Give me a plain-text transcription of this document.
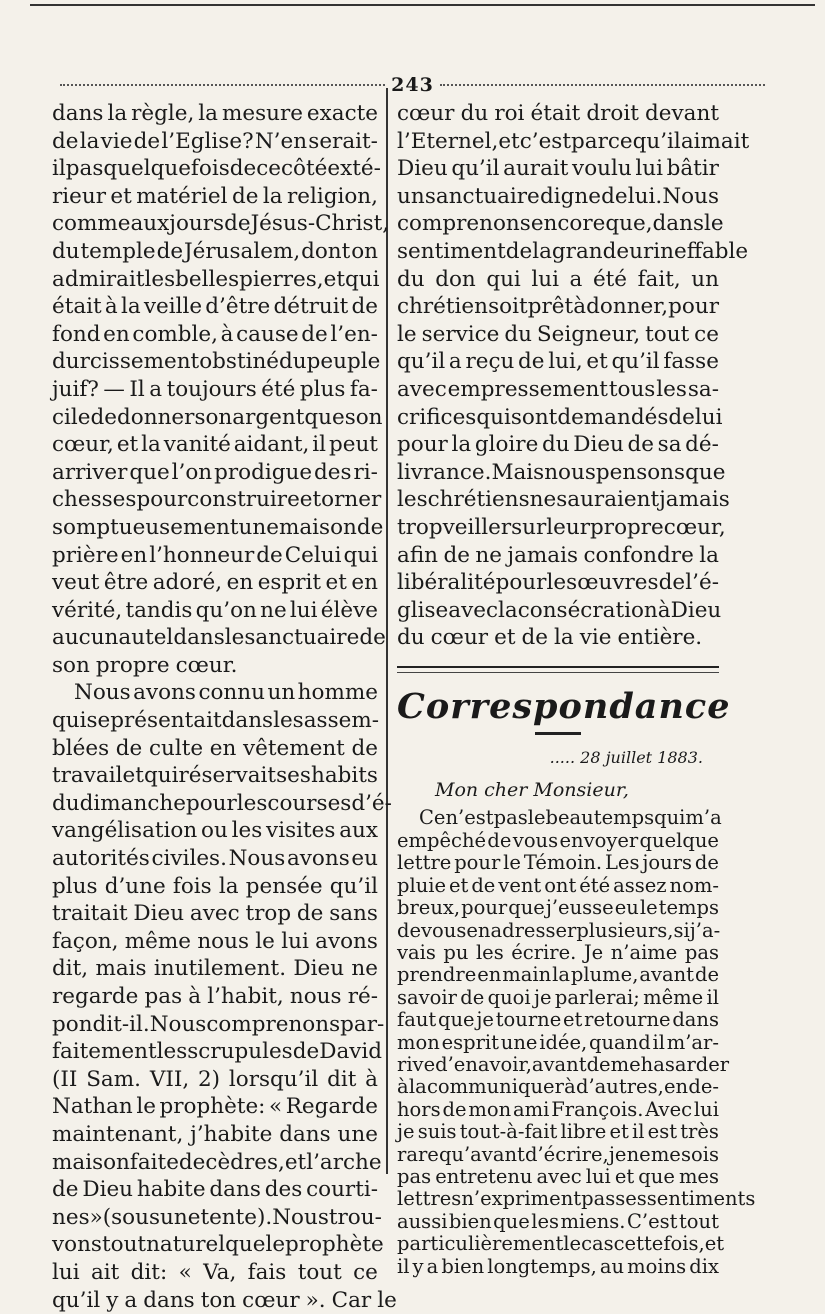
243
dans la règle, la mesure exacte
de la vie de l’Eglise? N’en serait-
il pas quelquefois de ce côté exté-
rieur et matériel de la religion,
comme aux jours de Jésus-Christ,
du temple de Jérusalem, dont on
admirait les belles pierres, et qui
était à la veille d’être détruit de
fond en comble, à cause de l’en-
durcissement obstiné du peuple
juif? — Il a toujours été plus fa-
cile de donner son argent que son
cœur, et la vanité aidant, il peut
arriver que l’on prodigue des ri-
chesses pour construire et orner
somptueusement une maison de
prière en l’honneur de Celui qui
veut être adoré, en esprit et en
vérité, tandis qu’on ne lui élève
aucun autel dans le sanctuaire de
son propre cœur.
Nous avons connu un homme
qui se présentait dans les assem-
blées de culte en vêtement de
travail et qui réservait ses habits
du dimanche pour les courses d’é-
vangélisation ou les visites aux
autorités civiles. Nous avons eu
plus d’une fois la pensée qu’il
traitait Dieu avec trop de sans
façon, même nous le lui avons
dit, mais inutilement. Dieu ne
regarde pas à l’habit, nous ré-
pondit-il. Nous comprenons par-
faitement les scrupules de David
(II Sam. VII, 2) lorsqu’il dit à
Nathan le prophète: « Regarde
maintenant, j’habite dans une
maison faite de cèdres, et l’arche
de Dieu habite dans des courti-
nes » (sous une tente). Nous trou-
vons tout naturel que le prophète
lui ait dit: « Va, fais tout ce
qu’il y a dans ton cœur ». Car le
cœur du roi était droit devant
l’Eternel, et c’est parcequ’il aimait
Dieu qu’il aurait voulu lui bâtir
un sanctuaire digne de lui. Nous
comprenons encore que, dans le
sentiment de la grandeur ineffable
du don qui lui a été fait, un
chrétien soit prêt à donner, pour
le service du Seigneur, tout ce
qu’il a reçu de lui, et qu’il fasse
avec empressement tous les sa-
crifices qui sont demandés de lui
pour la gloire du Dieu de sa dé-
livrance. Mais nous pensons que
les chrétiens ne sauraient jamais
trop veiller sur leur propre cœur,
afin de ne jamais confondre la
libéralité pour les œuvres de l’é-
glise avec la consécration à Dieu
du cœur et de la vie entière.
Correspondance
..... 28 juillet 1883.
Mon cher Monsieur,
Ce n’est pas le beau temps qui m’a
empêché de vous envoyer quelque
lettre pour le Témoin. Les jours de
pluie et de vent ont été assez nom-
breux, pour que j’eusse eu le temps
de vous en adresser plusieurs, si j’a-
vais pu les écrire. Je n’aime pas
prendre en main la plume, avant de
savoir de quoi je parlerai; même il
faut que je tourne et retourne dans
mon esprit une idée, quand il m’ar-
rive d’en avoir, avant de me hasarder
à la communiquer à d’autres, en de-
hors de mon ami François. Avec lui
je suis tout-à-fait libre et il est très
rare qu’avant d’écrire, je ne me sois
pas entretenu avec lui et que mes
lettres n’expriment pas ses sentiments
aussi bien que les miens. C’est tout
particulièrement le cas cette fois, et
il y a bien longtemps, au moins dix
